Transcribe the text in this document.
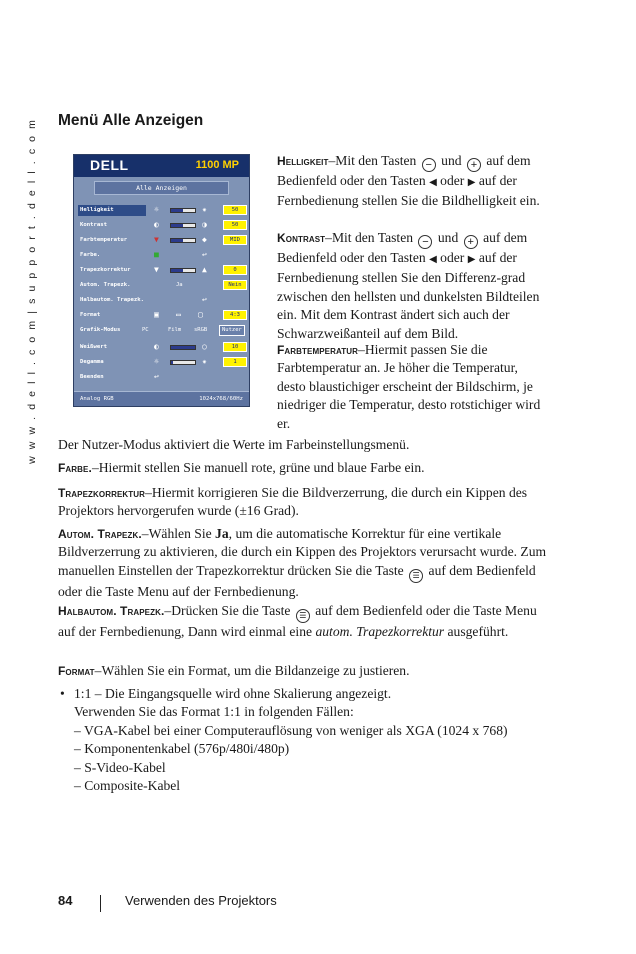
w w w . d e l l . c o m | s u p p o r t . d e l l . c o m Menü Alle Anzeigen
DELL	1100 MP
Alle Anzeigen
Helligkeit	☼	✷	50
Kontrast	◐	◑	50
Farbtemperatur	▼	◆	MID
Farbe.	■	↩
Trapezkorrektur	▼	▲	0
Autom. Trapezk.	Ja	Nein
Halbautom. Trapezk.	↩
Format	▣	▭	▢	4:3
Grafik-Modus	PC	Film sRGB	Nutzer
Weißwert	◐	○	10
Degamma	☼	✷	1
Beenden	↩
Analog RGB	1024x768/60Hz

Helligkeit–Mit den Tasten − und + auf dem Bedienfeld oder den Tasten ◀ oder ▶ auf der Fernbedienung stellen Sie die Bildhelligkeit ein.

Kontrast–Mit den Tasten − und + auf dem Bedienfeld oder den Tasten ◀ oder ▶ auf der Fernbedienung stellen Sie den Differenz-grad zwischen den hellsten und dunkelsten Bildteilen ein. Mit dem Kontrast ändert sich auch der Schwarzweißanteil auf dem Bild.

Farbtemperatur–Hiermit passen Sie die Farbtemperatur an. Je höher die Temperatur, desto blaustichiger erscheint der Bildschirm, je niedriger die Temperatur, desto rotstichiger wird er.

Der Nutzer-Modus aktiviert die Werte im Farbeinstellungsmenü.

Farbe.–Hiermit stellen Sie manuell rote, grüne und blaue Farbe ein.

Trapezkorrektur–Hiermit korrigieren Sie die Bildverzerrung, die durch ein Kippen des Projektors hervorgerufen wurde (±16 Grad).

Autom. Trapezk.–Wählen Sie Ja, um die automatische Korrektur für eine vertikale Bildverzerrung zu aktivieren, die durch ein Kippen des Projektors verursacht wurde. Zum manuellen Einstellen der Trapezkorrektur drücken Sie die Taste ☰ auf dem Bedienfeld oder die Taste Menu auf der Fernbedienung.

Halbautom. Trapezk.–Drücken Sie die Taste ☰ auf dem Bedienfeld oder die Taste Menu auf der Fernbedienung, Dann wird einmal eine autom. Trapezkorrektur ausgeführt.

Format–Wählen Sie ein Format, um die Bildanzeige zu justieren.

• 1:1 – Die Eingangsquelle wird ohne Skalierung angezeigt.
Verwenden Sie das Format 1:1 in folgenden Fällen:
– VGA-Kabel bei einer Computerauflösung von weniger als XGA (1024 x 768)
– Komponentenkabel (576p/480i/480p)
– S-Video-Kabel
– Composite-Kabel
84	Verwenden des Projektors
